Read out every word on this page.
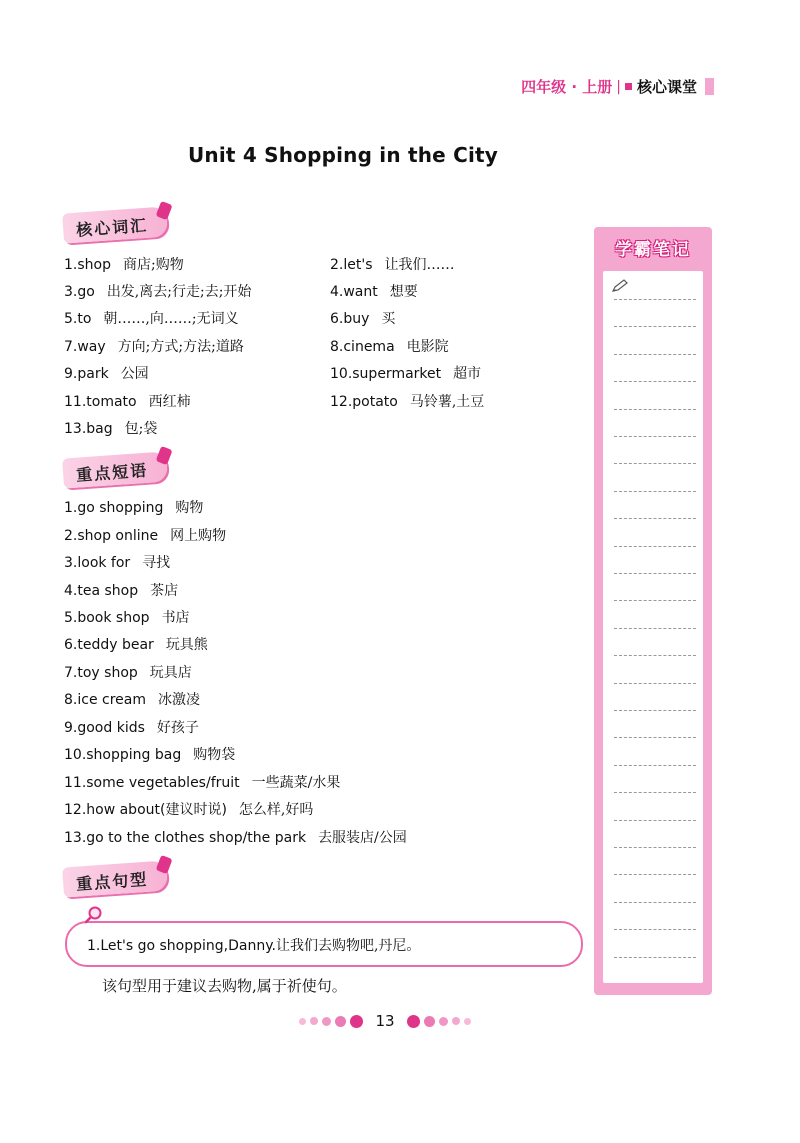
四年级 · 上册 | 核心课堂
Unit 4 Shopping in the City
核心词汇
1.shop 商店;购物	2.let's 让我们……
3.go 出发,离去;行走;去;开始	4.want 想要
5.to 朝……,向……;无词义	6.buy 买
7.way 方向;方式;方法;道路	8.cinema 电影院
9.park 公园	10.supermarket 超市
11.tomato 西红柿	12.potato 马铃薯,土豆
13.bag 包;袋
重点短语
1.go shopping 购物
2.shop online 网上购物
3.look for 寻找
4.tea shop 茶店
5.book shop 书店
6.teddy bear 玩具熊
7.toy shop 玩具店
8.ice cream 冰激凌
9.good kids 好孩子
10.shopping bag 购物袋
11.some vegetables/fruit 一些蔬菜/水果
12.how about(建议时说) 怎么样,好吗
13.go to the clothes shop/the park 去服装店/公园
重点句型
1.Let's go shopping,Danny.让我们去购物吧,丹尼。
该句型用于建议去购物,属于祈使句。
学霸笔记
13
